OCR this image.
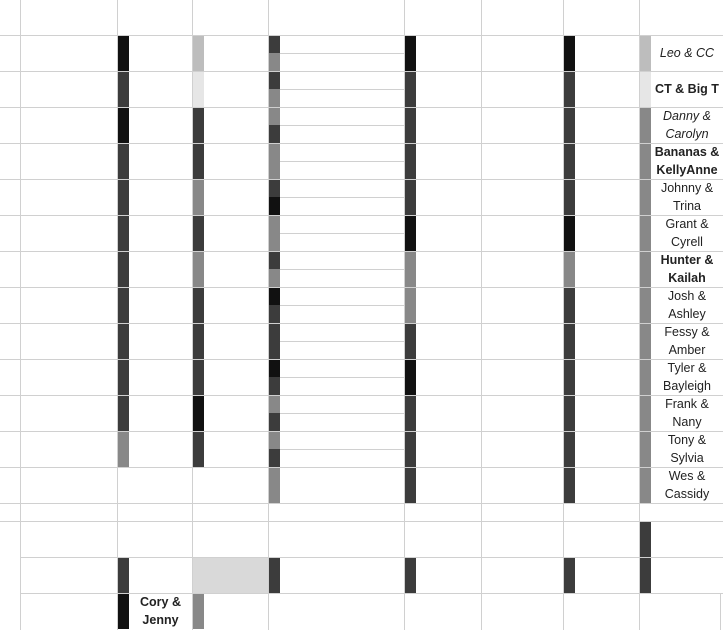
Leo & CC
CT & Big T
Danny & Carolyn
Bananas & KellyAnne
Johnny & Trina
Grant & Cyrell
Hunter & Kailah
Josh & Ashley
Fessy & Amber
Tyler & Bayleigh
Frank & Nany
Tony & Sylvia
Wes & Cassidy
Cory & Jenny
